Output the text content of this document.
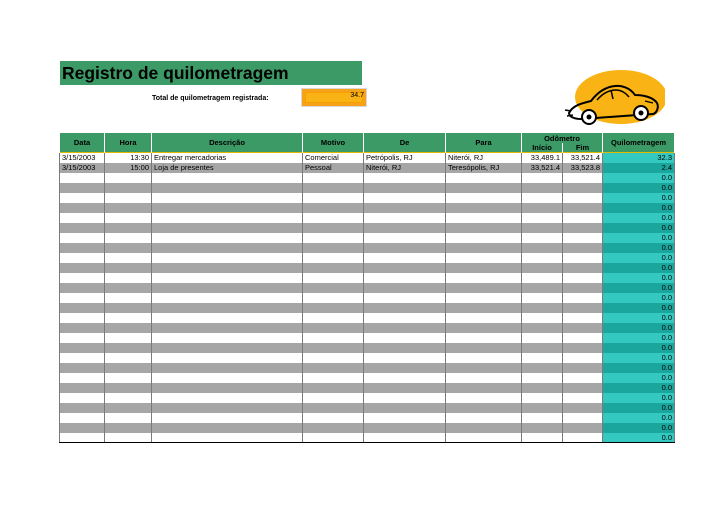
Registro de quilometragem
Total de quilometragem registrada:	34.7
Data	Hora	Descrição	Motivo	De	Para	Odômetro		Quilometragem
						Início	Fim	
3/15/2003	13:30	Entregar mercadorias	Comercial	Petrópolis, RJ	Niterói, RJ	33,489.1	33,521.4	32.3
3/15/2003	15:00	Loja de presentes	Pessoal	Niterói, RJ	Teresópolis, RJ	33,521.4	33,523.8	2.4
								0.0
								0.0
								0.0
								0.0
								0.0
								0.0
								0.0
								0.0
								0.0
								0.0
								0.0
								0.0
								0.0
								0.0
								0.0
								0.0
								0.0
								0.0
								0.0
								0.0
								0.0
								0.0
								0.0
								0.0
								0.0
								0.0
								0.0
